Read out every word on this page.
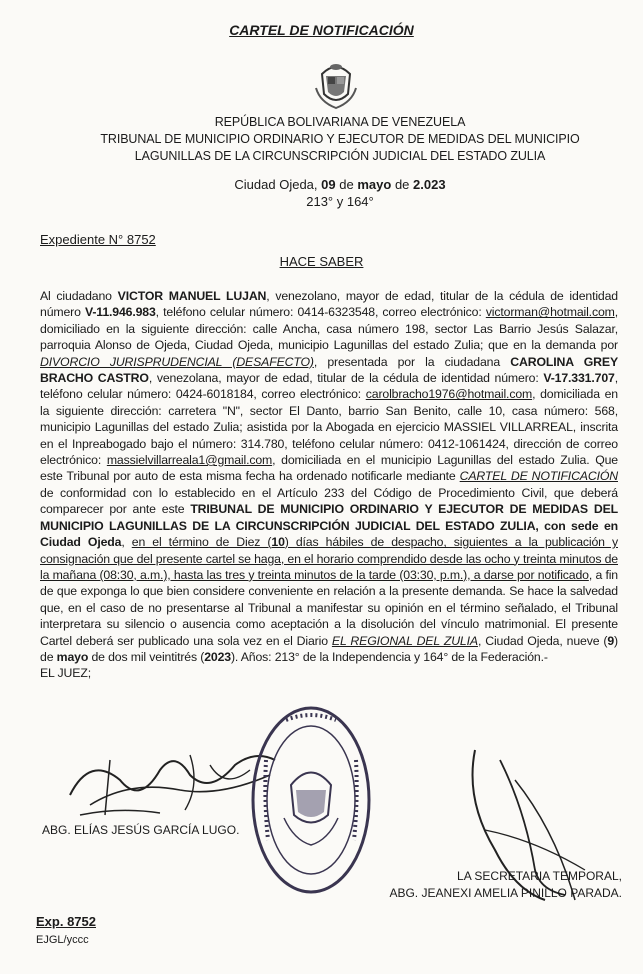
CARTEL DE NOTIFICACIÓN
REPÚBLICA BOLIVARIANA DE VENEZUELA
TRIBUNAL DE MUNICIPIO ORDINARIO Y EJECUTOR DE MEDIDAS DEL MUNICIPIO
LAGUNILLAS DE LA CIRCUNSCRIPCIÓN JUDICIAL DEL ESTADO ZULIA
Ciudad Ojeda, 09 de mayo de 2.023
213° y 164°
Expediente N° 8752
HACE SABER
Al ciudadano VICTOR MANUEL LUJAN, venezolano, mayor de edad, titular de la cédula de identidad número V-11.946.983, teléfono celular número: 0414-6323548, correo electrónico: victorman@hotmail.com, domiciliado en la siguiente dirección: calle Ancha, casa número 198, sector Las Barrio Jesús Salazar, parroquia Alonso de Ojeda, Ciudad Ojeda, municipio Lagunillas del estado Zulia; que en la demanda por DIVORCIO JURISPRUDENCIAL (DESAFECTO), presentada por la ciudadana CAROLINA GREY BRACHO CASTRO, venezolana, mayor de edad, titular de la cédula de identidad número: V-17.331.707, teléfono celular número: 0424-6018184, correo electrónico: carolbracho1976@hotmail.com, domiciliada en la siguiente dirección: carretera "N", sector El Danto, barrio San Benito, calle 10, casa número: 568, municipio Lagunillas del estado Zulia; asistida por la Abogada en ejercicio MASSIEL VILLARREAL, inscrita en el Inpreabogado bajo el número: 314.780, teléfono celular número: 0412-1061424, dirección de correo electrónico: massielvillarreala1@gmail.com, domiciliada en el municipio Lagunillas del estado Zulia. Que este Tribunal por auto de esta misma fecha ha ordenado notificarle mediante CARTEL DE NOTIFICACIÓN de conformidad con lo establecido en el Artículo 233 del Código de Procedimiento Civil, que deberá comparecer por ante este TRIBUNAL DE MUNICIPIO ORDINARIO Y EJECUTOR DE MEDIDAS DEL MUNICIPIO LAGUNILLAS DE LA CIRCUNSCRIPCIÓN JUDICIAL DEL ESTADO ZULIA, con sede en Ciudad Ojeda, en el término de Diez (10) días hábiles de despacho, siguientes a la publicación y consignación que del presente cartel se haga, en el horario comprendido desde las ocho y treinta minutos de la mañana (08:30, a.m.), hasta las tres y treinta minutos de la tarde (03:30, p.m.), a darse por notificado, a fin de que exponga lo que bien considere conveniente en relación a la presente demanda. Se hace la salvedad que, en el caso de no presentarse al Tribunal a manifestar su opinión en el término señalado, el Tribunal interpretara su silencio o ausencia como aceptación a la disolución del vínculo matrimonial. El presente Cartel deberá ser publicado una sola vez en el Diario EL REGIONAL DEL ZULIA, Ciudad Ojeda, nueve (9) de mayo de dos mil veintitrés (2023). Años: 213° de la Independencia y 164° de la Federación.-
EL JUEZ;
ABG. ELÍAS JESÚS GARCÍA LUGO.
LA SECRETARIA TEMPORAL,
ABG. JEANEXI AMELIA PINILLO PARADA.
Exp. 8752
EJGL/yccc
